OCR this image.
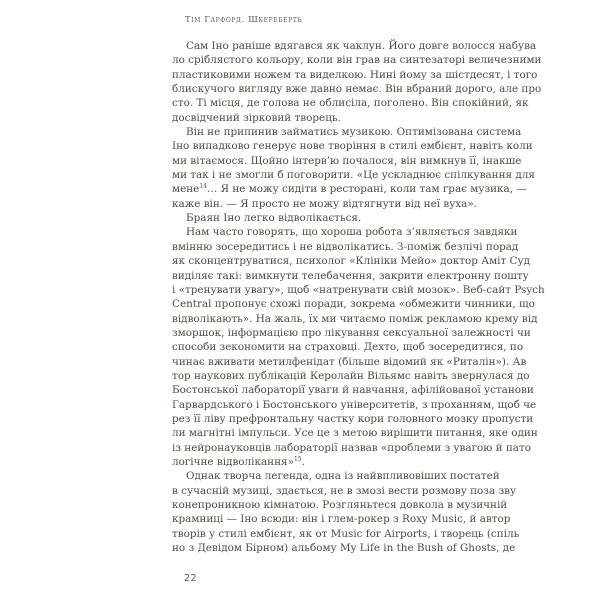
Тім Гарфорд. Шкереберть
Сам Іно раніше вдягався як чаклун. Його довге волосся набува
ло сріблястого кольору, коли він грав на синтезаторі величезними
пластиковими ножем та виделкою. Нині йому за шістдесят, і того
блискучого вигляду вже давно немає. Він вбраний дорого, але про
сто. Ті місця, де голова не облисіла, поголено. Він спокійний, як
досвідчений зірковий творець.
Він не припинив займатись музикою. Оптимізована система
Іно випадково генерує нове творіння в стилі ембієнт, навіть коли
ми вітаємося. Щойно інтерв’ю почалося, він вимкнув її, інакше
ми так і не змогли б поговорити. «Це ускладнює спілкування для
мене$^{14}$… Я не можу сидіти в ресторані, коли там грає музика, —
каже він. — Я просто не можу відтягнути від неї вуха».
Браян Іно легко відволікається.
Нам часто говорять, що хороша робота з’являється завдяки
вмінню зосередитись і не відволікатись. З-поміж безлічі порад
як сконцентруватися, психолог «Клініки Мейо» доктор Аміт Суд
виділяє такі: вимкнути телебачення, закрити електронну пошту
і «тренувати увагу», щоб «натренувати свій мозок». Веб-сайт Psych
Central пропонує схожі поради, зокрема «обмежити чинники, що
відволікають». На жаль, їх ми читаємо поміж рекламою крему від
зморшок, інформацією про лікування сексуальної залежності чи
способи зекономити на страховці. Дехто, щоб зосередитися, по
чинає вживати метилфенідат (більше відомий як «Риталін»). Ав
тор наукових публікацій Керолайн Вільямс навіть звернулася до
Бостонської лабораторії уваги й навчання, афілійованої установи
Гарвардського і Бостонського університетів, з проханням, щоб че
рез її ліву префронтальну частку кори головного мозку пропусти
ли магнітні імпульси. Усе це з метою вирішити питання, яке один
із нейронауковців лабораторії назвав «проблеми з увагою й пато
логічне відволікання»$^{15}$.
Однак творча легенда, одна із найвпливовіших постатей
в сучасній музиці, здається, не в змозі вести розмову поза зву
конепроникною кімнатою. Розгляньтеся довкола в музичній
крамниці — Іно всюди: він і глем-рокер з Roxy Music, й автор
творів у стилі ембієнт, як от Music for Airports, і творець (спіль
но з Девідом Бірном) альбому My Life in the Bush of Ghosts, де
22
